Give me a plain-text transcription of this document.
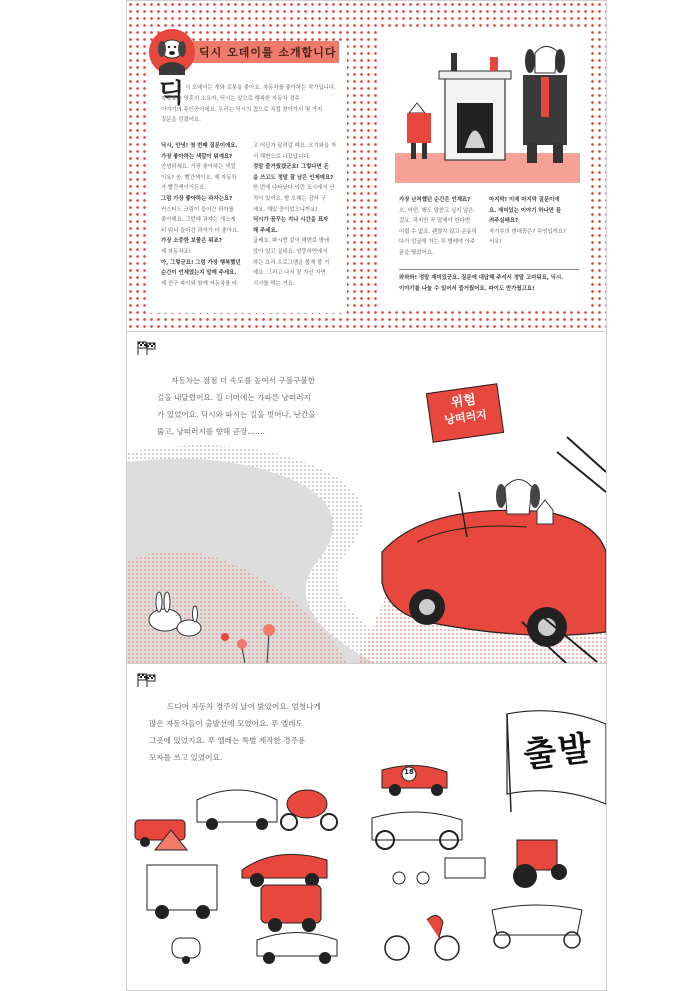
딕시 오데이를 소개합니다
딕 시 오데이는 개와 로봇을 좋아요. 자동차를 좋아하는 작가입니다.
자유로운 영혼의 소유자, 딕시는 앞으로 행복한 자동차 경주
이야기의 주인공이에요. 우리는 딕시의 집으로 직접 찾아가서 몇 가지
질문을 던졌어요.
딕시, 안녕! 첫 번째 질문이에요.
가장 좋아하는 색깔이 뭐예요?
안녕하세요. 가장 좋아하는 색깔
이요? 음, 빨간색이요. 제 자동차
가 빨간색이거든요.
그럼 가장 좋아하는 과자는요?
커스터드 크림이 들어간 과자를
좋아해요. 그런데 과자는 개스케
티 뭐니 들어간 과자가 더 좋아요.
가장 소중한 보물은 뭐죠?
제 자동차죠!
아, 그렇군요! 그럼 가장 행복했던
순간이 언제였는지 말해 주세요.
제 친구 파이와 함께 자동차를 타
고 어딘가 달려갈 때요. 오기와을 자
서 해변으로 나갔답니다.
정말 즐거웠겠군요! 그렇다면 돈
을 쓰고도 정말 잘 남은 인제예요?
한 번에 나타났다.이런 도시에서 산
적이 있어요. 밤 오래는 잠자 구
세요. 재밌 중이었으니까요!
딕시가 꿈꾸는 지나 시간을 표자
해 주세요.
글쎄요, 파시랑 같이 해변로 밖에
앉아 있고 싶네요. 엉뚱하면에서
하는 요리 프로그램을 볼게 볼 거
예요. 그리고 나서 잘 자신 자면
식사를 먹는 거요.
가장 난처했던 순간은 언제죠?
오, 어떤, 행도 말씀고 싶지 않은
걸요. 하지만 꼭 말해야 한다면
어렵 수 없죠. 괜찮지 않고 운동하
다가 얼굴에 자는 푸 별레야 아주
꿈을 꿨었어요.
마지막! 이제 마지막 질문이에
요. 재미있는 이야기 하나만 들
려주실래요?
자기추의 변대꽁은? 뚜엉입까요?
서유!
와와와! 정말 재미있군요. 질문에 대답해 주셔서 정말 고마워요, 딕시.
이야기를 나눌 수 있어서 즐거웠어요. 파이도 반가웠고요!
자동차는 점점 더 속도를 높여서 구불구불한
길을 내달렸어요. 길 너머에는 가파른 낭떠러지
가 있었어요. 딕시와 파시는 길을 벗어나, 난간을
뚫고, 낭떠러지를 향해 곧장…….
위험
낭떠러지
드디어 자동차 경주의 날이 밝았어요. 엄청나게
많은 자동차들이 출발선에 모였어요. 푸 엘레도
그곳에 있었지요. 푸 엘레는 특별 제작한 경주용
모자를 쓰고 있었어요.	출발
18
